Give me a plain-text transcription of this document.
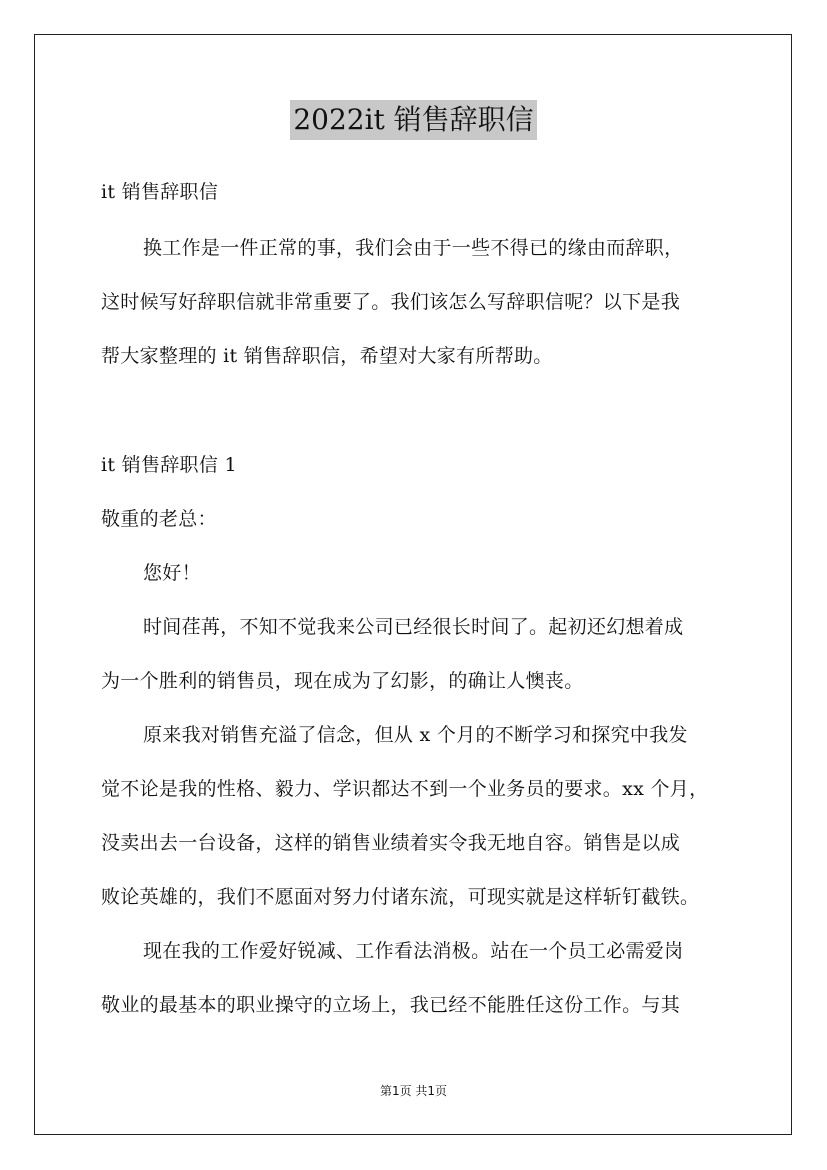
2022it 销售辞职信
it 销售辞职信
换工作是一件正常的事，我们会由于一些不得已的缘由而辞职，
这时候写好辞职信就非常重要了。我们该怎么写辞职信呢？以下是我
帮大家整理的 it 销售辞职信，希望对大家有所帮助。
it 销售辞职信 1
敬重的老总：
您好！
时间荏苒，不知不觉我来公司已经很长时间了。起初还幻想着成
为一个胜利的销售员，现在成为了幻影，的确让人懊丧。
原来我对销售充溢了信念，但从 x 个月的不断学习和探究中我发
觉不论是我的性格、毅力、学识都达不到一个业务员的要求。xx 个月，
没卖出去一台设备，这样的销售业绩着实令我无地自容。销售是以成
败论英雄的，我们不愿面对努力付诸东流，可现实就是这样斩钉截铁。
现在我的工作爱好锐减、工作看法消极。站在一个员工必需爱岗
敬业的最基本的职业操守的立场上，我已经不能胜任这份工作。与其
第1页 共1页
